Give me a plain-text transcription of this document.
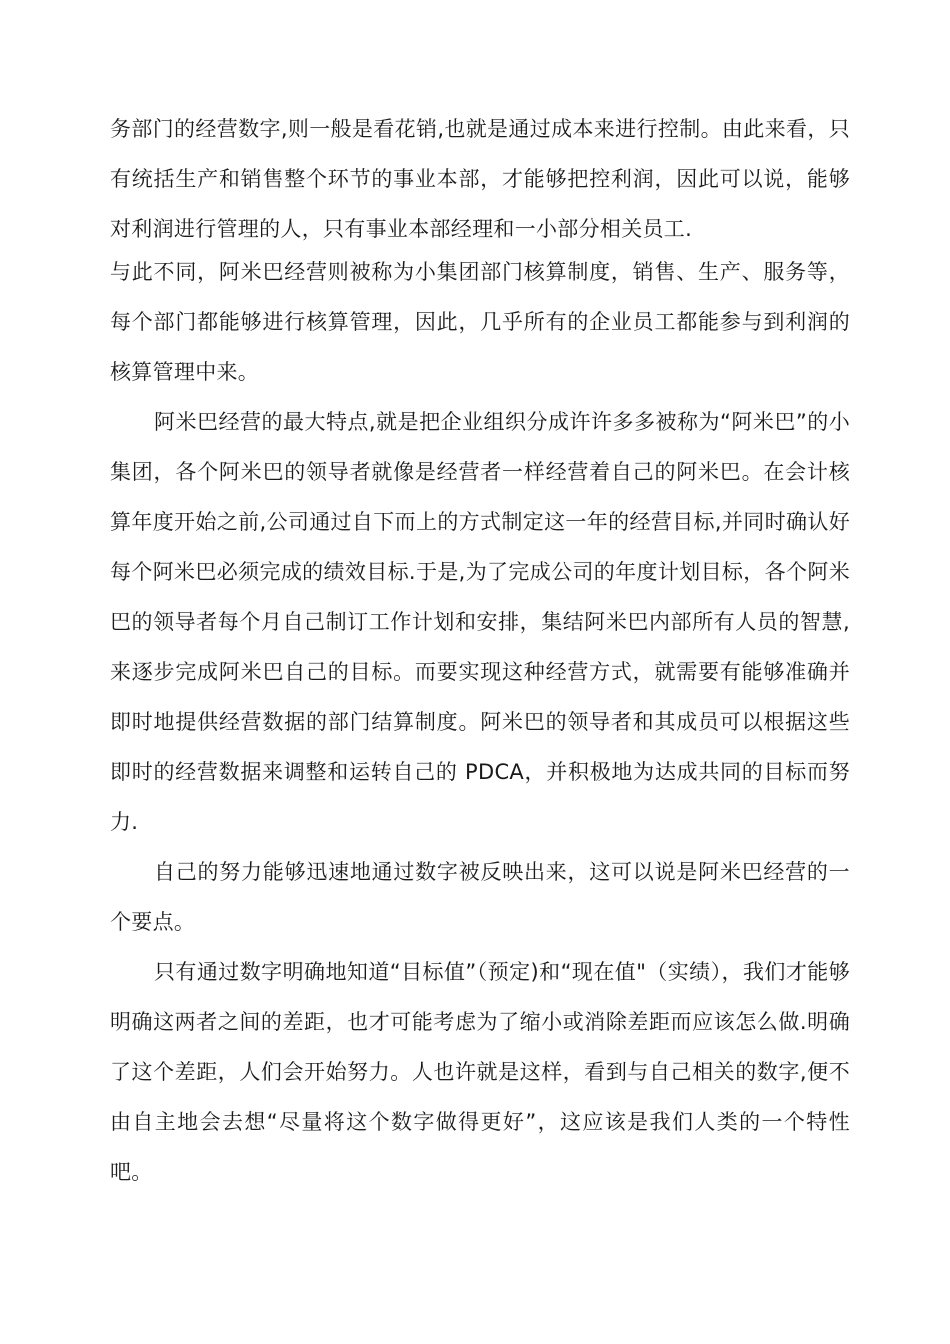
务部门的经营数字,则一般是看花销,也就是通过成本来进行控制。由此来看，只有统括生产和销售整个环节的事业本部，才能够把控利润，因此可以说，能够对利润进行管理的人，只有事业本部经理和一小部分相关员工.

与此不同，阿米巴经营则被称为小集团部门核算制度，销售、生产、服务等，每个部门都能够进行核算管理，因此，几乎所有的企业员工都能参与到利润的核算管理中来。

阿米巴经营的最大特点,就是把企业组织分成许许多多被称为“阿米巴”的小集团，各个阿米巴的领导者就像是经营者一样经营着自己的阿米巴。在会计核算年度开始之前,公司通过自下而上的方式制定这一年的经营目标,并同时确认好每个阿米巴必须完成的绩效目标.于是,为了完成公司的年度计划目标，各个阿米巴的领导者每个月自己制订工作计划和安排，集结阿米巴内部所有人员的智慧,来逐步完成阿米巴自己的目标。而要实现这种经营方式，就需要有能够准确并即时地提供经营数据的部门结算制度。阿米巴的领导者和其成员可以根据这些即时的经营数据来调整和运转自己的 PDCA，并积极地为达成共同的目标而努力.

自己的努力能够迅速地通过数字被反映出来，这可以说是阿米巴经营的一个要点。

只有通过数字明确地知道“目标值”（预定)和“现在值"（实绩），我们才能够明确这两者之间的差距，也才可能考虑为了缩小或消除差距而应该怎么做.明确了这个差距，人们会开始努力。人也许就是这样，看到与自己相关的数字,便不由自主地会去想“尽量将这个数字做得更好”，这应该是我们人类的一个特性吧。
